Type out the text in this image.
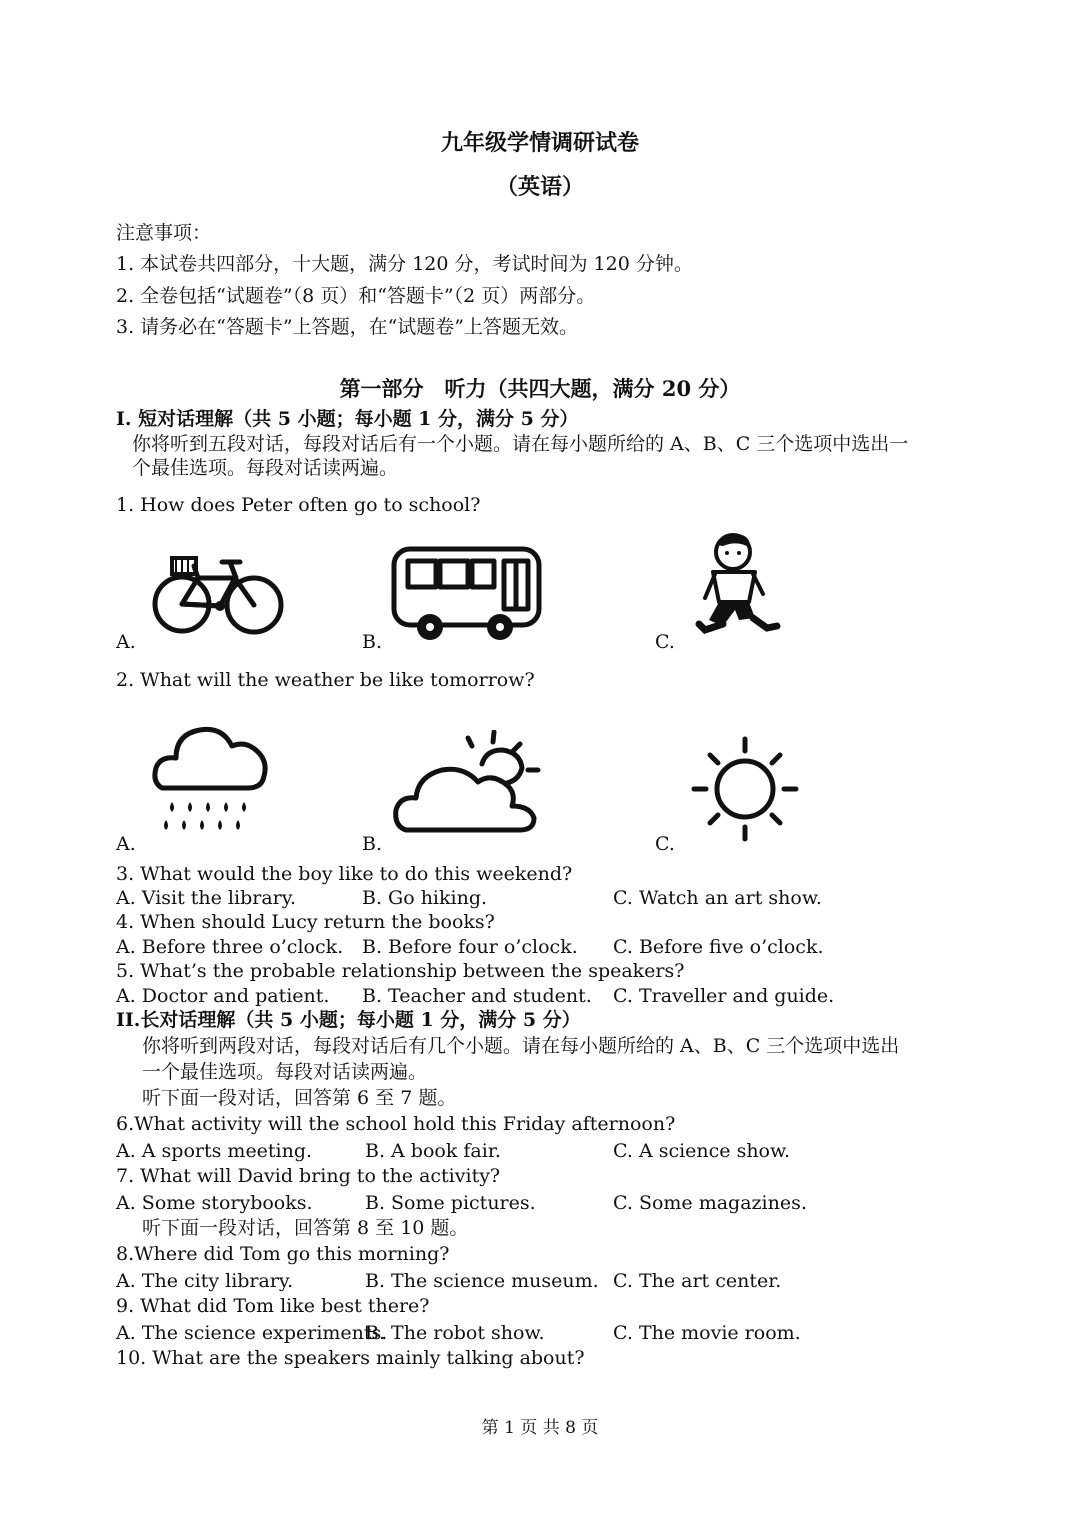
九年级学情调研试卷
（英语）
注意事项：
1. 本试卷共四部分，十大题，满分 120 分，考试时间为 120 分钟。
2. 全卷包括“试题卷”（8 页）和“答题卡”（2 页）两部分。
3. 请务必在“答题卡”上答题，在“试题卷”上答题无效。
第一部分　听力（共四大题，满分 20 分）
I. 短对话理解（共 5 小题；每小题 1 分，满分 5 分）
你将听到五段对话，每段对话后有一个小题。请在每小题所给的 A、B、C 三个选项中选出一
个最佳选项。每段对话读两遍。
1. How does Peter often go to school?
A.	B.	C.
2. What will the weather be like tomorrow?
A.	B.	C.
3. What would the boy like to do this weekend?
A. Visit the library.	B. Go hiking.	C. Watch an art show.
4. When should Lucy return the books?
A. Before three o’clock. B. Before four o’clock. C. Before five o’clock.
5. What’s the probable relationship between the speakers?
A. Doctor and patient. B. Teacher and student. C. Traveller and guide.
II.长对话理解（共 5 小题；每小题 1 分，满分 5 分）
你将听到两段对话，每段对话后有几个小题。请在每小题所给的 A、B、C 三个选项中选出
一个最佳选项。每段对话读两遍。
听下面一段对话，回答第 6 至 7 题。
6.What activity will the school hold this Friday afternoon?
A. A sports meeting.	B. A book fair.	C. A science show.
7. What will David bring to the activity?
A. Some storybooks.	B. Some pictures.	C. Some magazines.
听下面一段对话，回答第 8 至 10 题。
8.Where did Tom go this morning?
A. The city library.	B. The science museum. C. The art center.
9. What did Tom like best there?
A. The science experiments.
B. The robot show.	C. The movie room.
10. What are the speakers mainly talking about?
第 1 页 共 8 页
